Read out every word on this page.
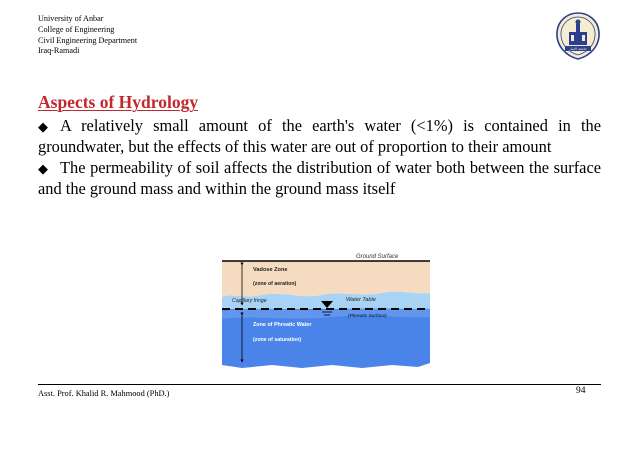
University of Anbar
College of Engineering
Civil Engineering Department
Iraq-Ramadi	جامعة الانبار
Aspects of Hydrology

◆ A relatively small amount of the earth's water (<1%) is contained in the groundwater, but the effects of this water are out of proportion to their amount

◆ The permeability of soil affects the distribution of water both between the surface and the ground mass and within the ground mass itself

Ground Surface
Vadose Zone
(zone of aeration)
Capillary fringe	Water Table
(Phreatic Surface)
Zone of Phreatic Water
(zone of saturation)
Asst. Prof. Khalid R. Mahmood (PhD.)	94
